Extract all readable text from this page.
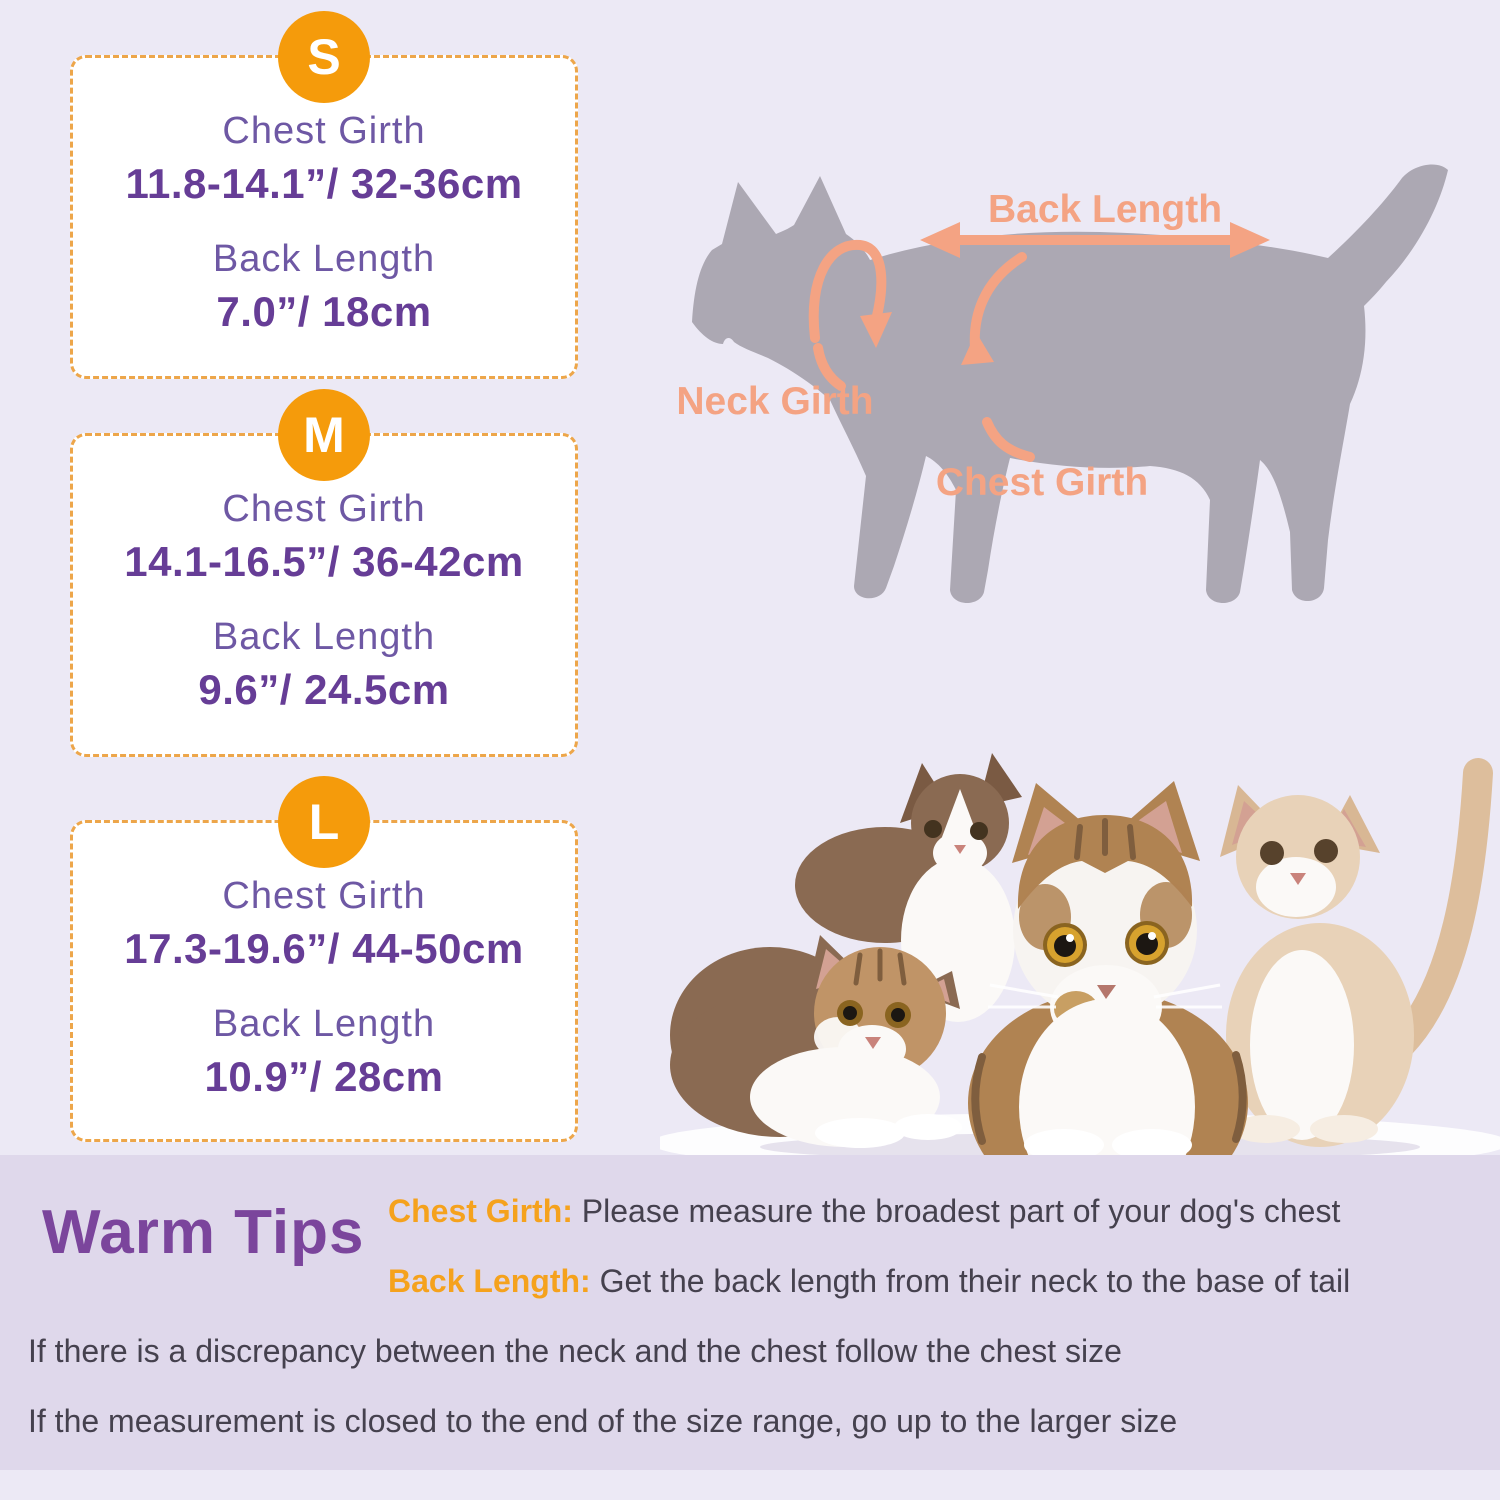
S
Chest Girth
11.8-14.1”/ 32-36cm
Back Length
7.0”/ 18cm
M
Chest Girth
14.1-16.5”/ 36-42cm
Back Length
9.6”/ 24.5cm
L
Chest Girth
17.3-19.6”/ 44-50cm
Back Length
10.9”/ 28cm
Back Length
Neck Girth
Chest Girth
Warm Tips Chest Girth: Please measure the broadest part of your dog's chest
Back Length: Get the back length from their neck to the base of tail
If there is a discrepancy between the neck and the chest follow the chest size
If the measurement is closed to the end of the size range, go up to the larger size
